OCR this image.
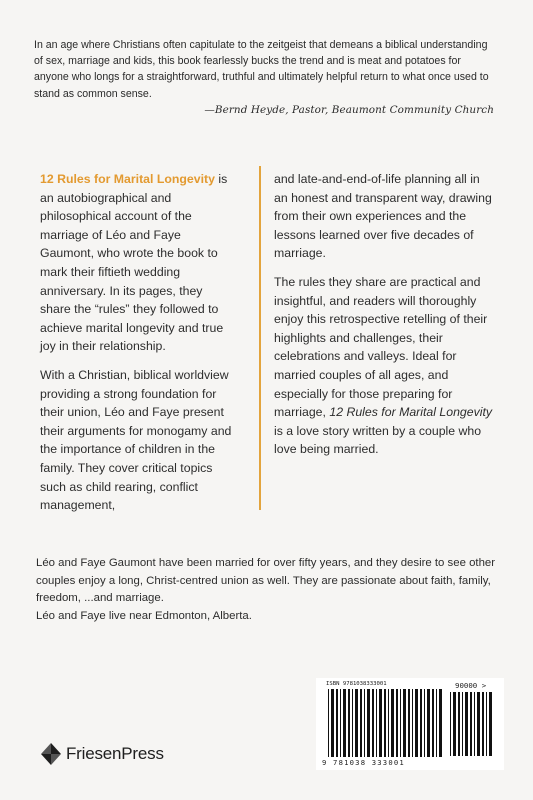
In an age where Christians often capitulate to the zeitgeist that demeans a biblical understanding of sex, marriage and kids, this book fearlessly bucks the trend and is meat and potatoes for anyone who longs for a straightforward, truthful and ultimately helpful return to what once used to stand as common sense.

—Bernd Heyde, Pastor, Beaumont Community Church

12 Rules for Marital Longevity is an autobiographical and philosophical account of the marriage of Léo and Faye Gaumont, who wrote the book to mark their fiftieth wedding anniversary. In its pages, they share the “rules” they followed to achieve marital longevity and true joy in their relationship.

With a Christian, biblical worldview providing a strong foundation for their union, Léo and Faye present their arguments for monogamy and the importance of children in the family. They cover critical topics such as child rearing, conflict management,

and late-and-end-of-life planning all in an honest and transparent way, drawing from their own experiences and the lessons learned over five decades of marriage.

The rules they share are practical and insightful, and readers will thoroughly enjoy this retrospective retelling of their highlights and challenges, their celebrations and valleys. Ideal for married couples of all ages, and especially for those preparing for marriage, 12 Rules for Marital Longevity is a love story written by a couple who love being married.

Léo and Faye Gaumont have been married for over fifty years, and they desire to see other couples enjoy a long, Christ-centred union as well. They are passionate about faith, family, freedom, ...and marriage.

Léo and Faye live near Edmonton, Alberta.

FriesenPress
ISBN 9781038333001	90000 >
9 781038 333001
